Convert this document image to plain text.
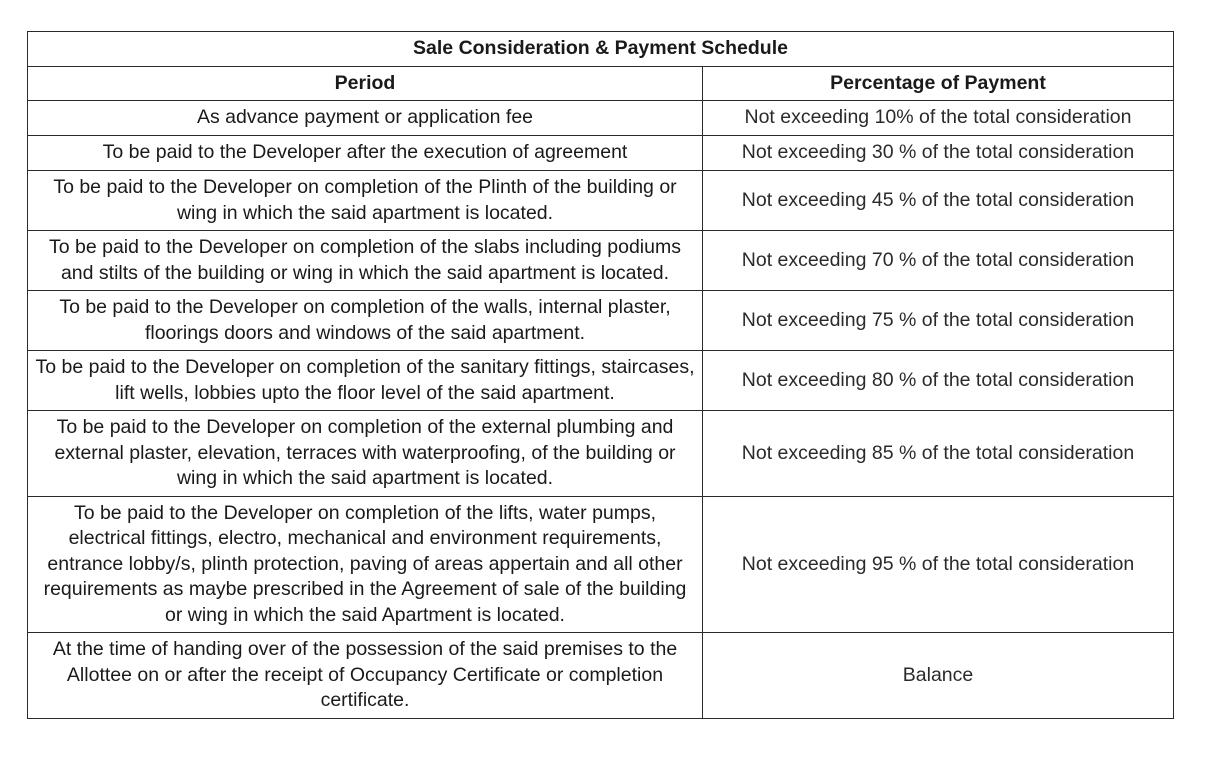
Sale Consideration & Payment Schedule	
Period	Percentage of Payment
As advance payment or application fee	Not exceeding 10% of the total consideration
To be paid to the Developer after the execution of agreement	Not exceeding 30 % of the total consideration
To be paid to the Developer on completion of the Plinth of the building or wing in which the said apartment is located.	Not exceeding 45 % of the total consideration
To be paid to the Developer on completion of the slabs including podiums and stilts of the building or wing in which the said apartment is located.	Not exceeding 70 % of the total consideration
To be paid to the Developer on completion of the walls, internal plaster, floorings doors and windows of the said apartment.	Not exceeding 75 % of the total consideration
To be paid to the Developer on completion of the sanitary fittings, staircases, lift wells, lobbies upto the floor level of the said apartment.	Not exceeding 80 % of the total consideration
To be paid to the Developer on completion of the external plumbing and external plaster, elevation, terraces with waterproofing, of the building or wing in which the said apartment is located.	Not exceeding 85 % of the total consideration
To be paid to the Developer on completion of the lifts, water pumps, electrical fittings, electro, mechanical and environment requirements, entrance lobby/s, plinth protection, paving of areas appertain and all other requirements as maybe prescribed in the Agreement of sale of the building or wing in which the said Apartment is located.	Not exceeding 95 % of the total consideration
At the time of handing over of the possession of the said premises to the Allottee on or after the receipt of Occupancy Certificate or completion certificate.	Balance
